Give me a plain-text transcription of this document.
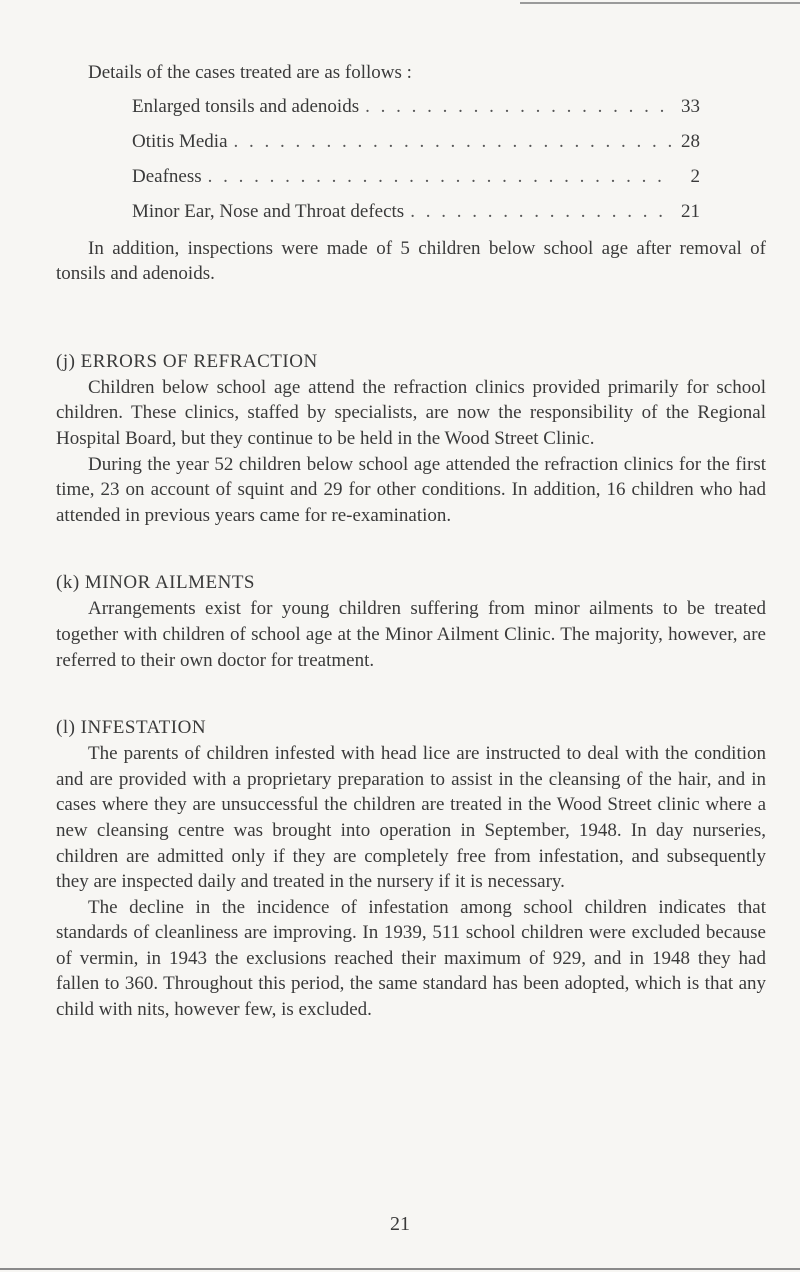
Details of the cases treated are as follows :

Enlarged tonsils and adenoids . . .	33
Otitis Media . . .	28
Deafness . . .	2
Minor Ear, Nose and Throat defects . . .	21

In addition, inspections were made of 5 children below school age after removal of tonsils and adenoids.

(j) ERRORS OF REFRACTION

Children below school age attend the refraction clinics provided primarily for school children. These clinics, staffed by specialists, are now the responsibility of the Regional Hospital Board, but they continue to be held in the Wood Street Clinic.

During the year 52 children below school age attended the refraction clinics for the first time, 23 on account of squint and 29 for other conditions. In addition, 16 children who had attended in previous years came for re-examination.

(k) MINOR AILMENTS

Arrangements exist for young children suffering from minor ailments to be treated together with children of school age at the Minor Ailment Clinic. The majority, however, are referred to their own doctor for treatment.

(l) INFESTATION

The parents of children infested with head lice are instructed to deal with the condition and are provided with a proprietary preparation to assist in the cleansing of the hair, and in cases where they are unsuccessful the children are treated in the Wood Street clinic where a new cleansing centre was brought into operation in September, 1948. In day nurseries, children are admitted only if they are completely free from infestation, and subsequently they are inspected daily and treated in the nursery if it is necessary.

The decline in the incidence of infestation among school children indicates that standards of cleanliness are improving. In 1939, 511 school children were excluded because of vermin, in 1943 the exclusions reached their maximum of 929, and in 1948 they had fallen to 360. Throughout this period, the same standard has been adopted, which is that any child with nits, however few, is excluded.

21
